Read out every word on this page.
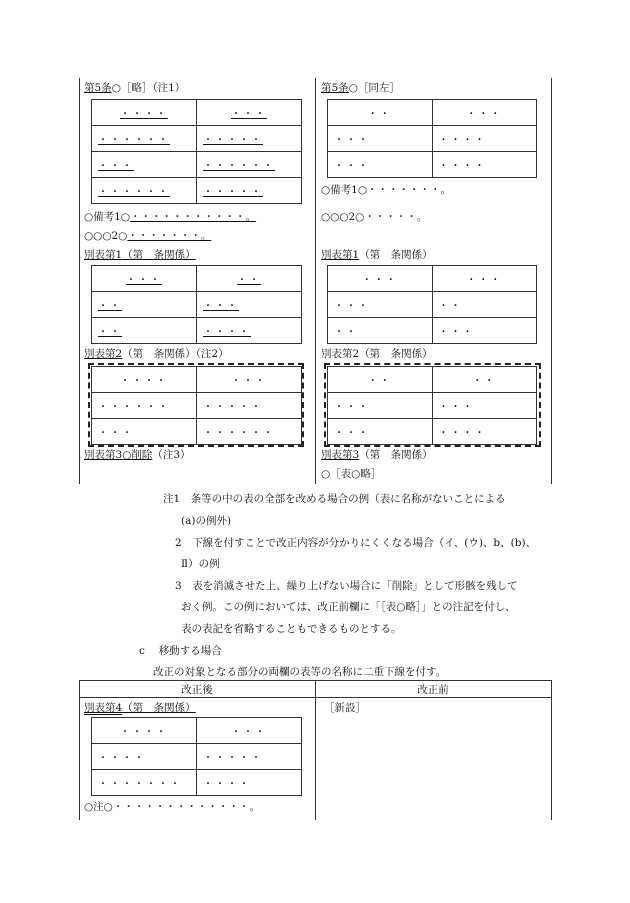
第5条○［略］（注1）
・・・・	・・・
・・・・・・	・・・・・
・・・	・・・・・・
・・・・・・	・・・・・
○備考1○・・・・・・・・・・・。
○○○2○・・・・・・・。
別表第1（第　条関係）
・・・	・・
・・	・・・
・・	・・・・
別表第2（第　条関係）（注2）
・・・・	・・・
・・・・・・	・・・・・
・・・	・・・・・・
別表第3○削除（注3）
第5条○［同左］
・・	・・・
・・・	・・・・
・・・	・・・・
○備考1○・・・・・・・。
○○○2○・・・・・。
別表第1（第　条関係）
・・・	・・・
・・・	・・
・・	・・・
別表第2（第　条関係）
・・	・・
・・・	・・・
・・・	・・・・
別表第3（第　条関係）
○［表○略］
注1　 条等の中の表の全部を改める場合の例（表に名称がないことによる
(a)の例外)
2　 下線を付すことで改正内容が分かりにくくなる場合（イ、(ウ)、b、(b)、
Ⅱ）の例
3　 表を消滅させた上、繰り上げない場合に「削除」として形骸を残して
おく例。この例においては、改正前欄に「［表○略］」との注記を付し、
表の表記を省略することもできるものとする。
c　 移動する場合
改正の対象となる部分の両欄の表等の名称に二重下線を付す。
改正後	改正前
別表第4（第　条関係）	［新設］
・・・・	・・・
・・・・	・・・・・
・・・・・・・	・・・・
○注○・・・・・・・・・・・・・。
